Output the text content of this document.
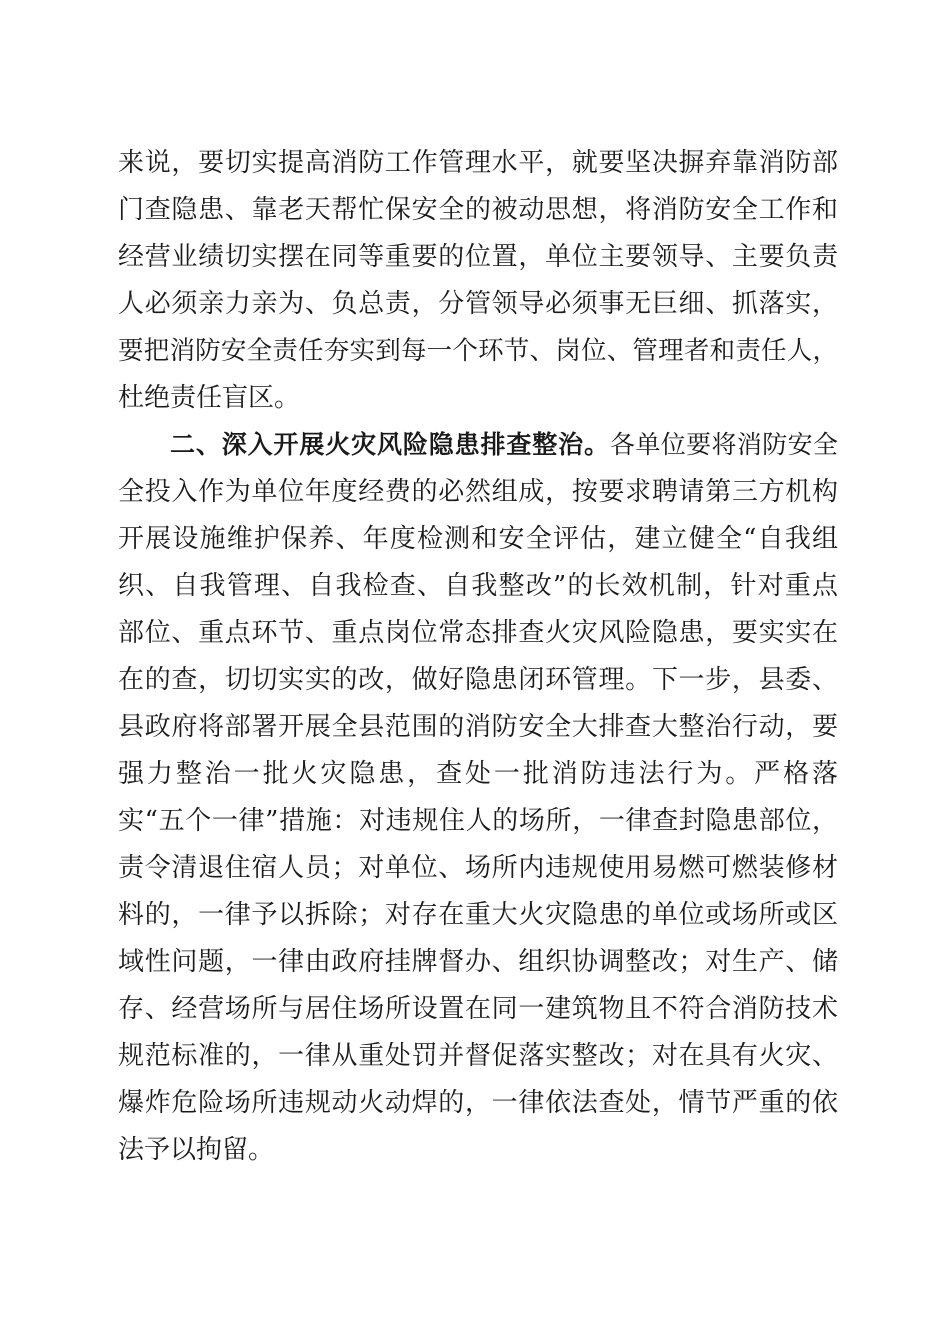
来说，要切实提高消防工作管理水平，就要坚决摒弃靠消防部
门查隐患、靠老天帮忙保安全的被动思想，将消防安全工作和
经营业绩切实摆在同等重要的位置，单位主要领导、主要负责
人必须亲力亲为、负总责，分管领导必须事无巨细、抓落实，
要把消防安全责任夯实到每一个环节、岗位、管理者和责任人，
杜绝责任盲区。
二、深入开展火灾风险隐患排查整治。各单位要将消防安全
全投入作为单位年度经费的必然组成，按要求聘请第三方机构
开展设施维护保养、年度检测和安全评估，建立健全“自我组
织、自我管理、自我检查、自我整改”的长效机制，针对重点
部位、重点环节、重点岗位常态排查火灾风险隐患，要实实在
在的查，切切实实的改，做好隐患闭环管理。下一步，县委、
县政府将部署开展全县范围的消防安全大排查大整治行动，要
强力整治一批火灾隐患，查处一批消防违法行为。严格落
实“五个一律”措施：对违规住人的场所，一律查封隐患部位，
责令清退住宿人员；对单位、场所内违规使用易燃可燃装修材
料的，一律予以拆除；对存在重大火灾隐患的单位或场所或区
域性问题，一律由政府挂牌督办、组织协调整改；对生产、储
存、经营场所与居住场所设置在同一建筑物且不符合消防技术
规范标准的，一律从重处罚并督促落实整改；对在具有火灾、
爆炸危险场所违规动火动焊的，一律依法查处，情节严重的依
法予以拘留。
